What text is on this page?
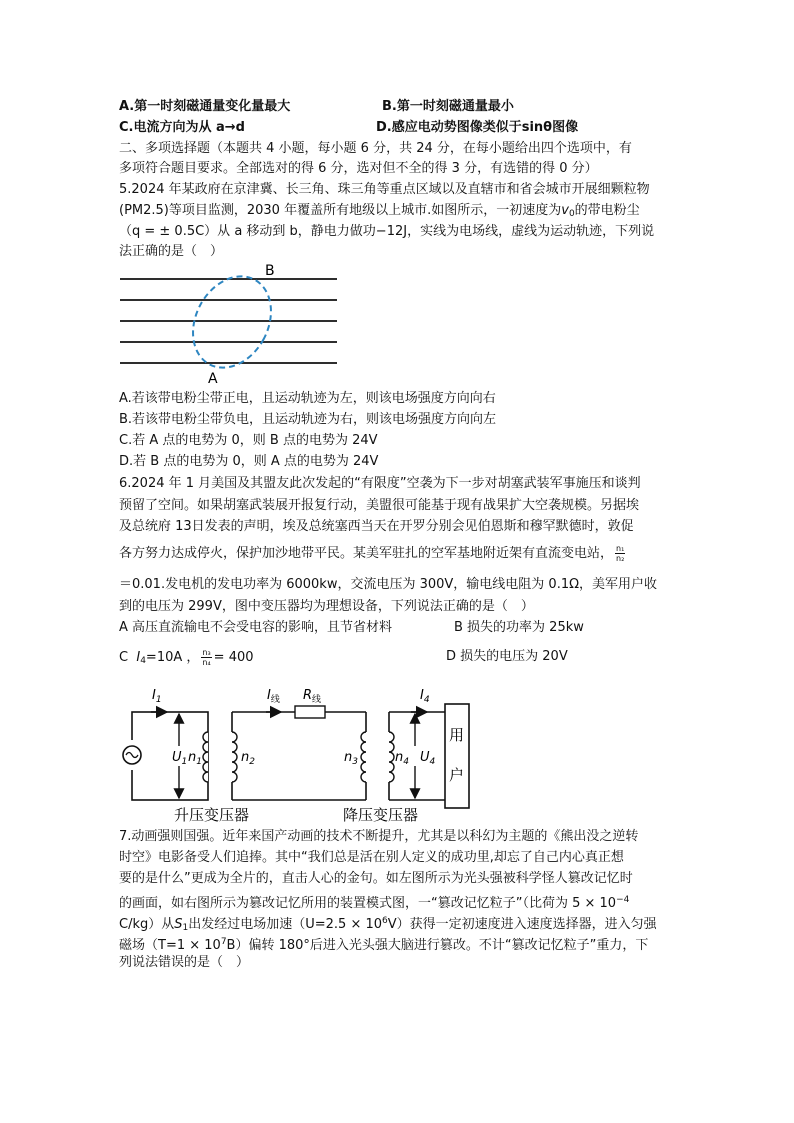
A.第一时刻磁通量变化量最大	B.第一时刻磁通量最小
C.电流方向为从 a→d	D.感应电动势图像类似于sinθ图像
二、多项选择题（本题共 4 小题，每小题 6 分，共 24 分，在每小题给出四个选项中，有
多项符合题目要求。全部选对的得 6 分，选对但不全的得 3 分，有选错的得 0 分）
5.2024 年某政府在京津冀、长三角、珠三角等重点区域以及直辖市和省会城市开展细颗粒物
(PM2.5)等项目监测，2030 年覆盖所有地级以上城市.如图所示，一初速度为$v_0$的带电粉尘
（q = ± 0.5C）从 a 移动到 b，静电力做功−12J，实线为电场线，虚线为运动轨迹，下列说
法正确的是（　）
B
A
A.若该带电粉尘带正电，且运动轨迹为左，则该电场强度方向向右
B.若该带电粉尘带负电，且运动轨迹为右，则该电场强度方向向左
C.若 A 点的电势为 0，则 B 点的电势为 24V
D.若 B 点的电势为 0，则 A 点的电势为 24V
6.2024 年 1 月美国及其盟友此次发起的“有限度”空袭为下一步对胡塞武装军事施压和谈判
预留了空间。如果胡塞武装展开报复行动，美盟很可能基于现有战果扩大空袭规模。另据埃
及总统府 13日发表的声明，埃及总统塞西当天在开罗分别会见伯恩斯和穆罕默德时，敦促
各方努力达成停火，保护加沙地带平民。某美军驻扎的空军基地附近架有直流变电站， $\frac{\text{n₁}}{\text{n₂}}$
＝0.01.发电机的发电功率为 6000kw，交流电压为 300V，输电线电阻为 0.1Ω，美军用户收
到的电压为 299V，图中变压器均为理想设备，下列说法正确的是（　）
A 高压直流输电不会受电容的影响，且节省材料	B 损失的功率为 25kw
C $I_4=10A$ ， $\frac{\text{n₃}}{\text{n₄}} = 400$	D 损失的电压为 20V
$I_1$
$U_1$ $n_1$	$n_2$
$I_线$ $R_线$
$n_3$	$n_4$
$I_4$
$U_4$
用
户
升压变压器	降压变压器
7.动画强则国强。近年来国产动画的技术不断提升，尤其是以科幻为主题的《熊出没之逆转
时空》电影备受人们追捧。其中“我们总是活在别人定义的成功里,却忘了自己内心真正想
要的是什么”更成为全片的，直击人心的金句。如左图所示为光头强被科学怪人篡改记忆时
的画面，如右图所示为篡改记忆所用的装置模式图，一“篡改记忆粒子”（比荷为 $5 \times 10^{-4}$
C/kg）从$S_1$出发经过电场加速$(U=2.5 \times 10^6V)$获得一定初速度进入速度选择器，进入匀强
磁场$(T=1 \times 10^7B)$偏转 180°后进入光头强大脑进行篡改。不计“篡改记忆粒子”重力，下
列说法错误的是（　）
